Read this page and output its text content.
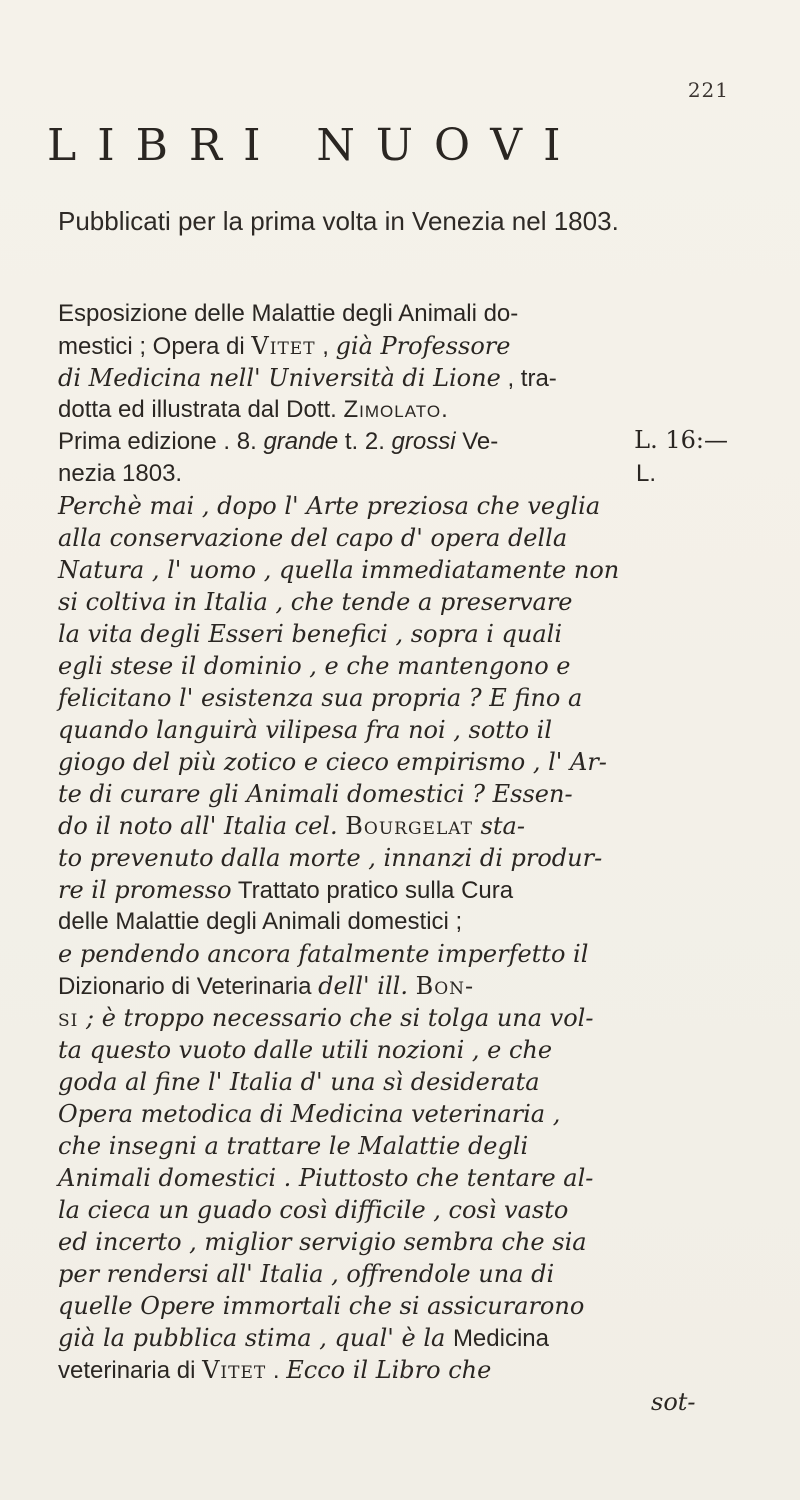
221
LIBRI NUOVI
Pubblicati per la prima volta in Venezia nel 1803.
L. 16:—
Esposizione delle Malattie degli Animali do-
mestici ; Opera di Vitet , già Professore
di Medicina nell' Università di Lione , tra-
dotta ed illustrata dal Dott. Zimolato.
Prima edizione . 8. grande t. 2. grossi Ve-
nezia 1803.	L.
Perchè mai , dopo l' Arte preziosa che veglia
alla conservazione del capo d' opera della
Natura , l' uomo , quella immediatamente non
si coltiva in Italia , che tende a preservare
la vita degli Esseri benefici , sopra i quali
egli stese il dominio , e che mantengono e
felicitano l' esistenza sua propria ? E fino a
quando languirà vilipesa fra noi , sotto il
giogo del più zotico e cieco empirismo , l' Ar-
te di curare gli Animali domestici ? Essen-
do il noto all' Italia cel. Bourgelat sta-
to prevenuto dalla morte , innanzi di produr-
re il promesso Trattato pratico sulla Cura
delle Malattie degli Animali domestici ;
e pendendo ancora fatalmente imperfetto il
Dizionario di Veterinaria dell' ill. Bon-
si ; è troppo necessario che si tolga una vol-
ta questo vuoto dalle utili nozioni , e che
goda al fine l' Italia d' una sì desiderata
Opera metodica di Medicina veterinaria ,
che insegni a trattare le Malattie degli
Animali domestici . Piuttosto che tentare al-
la cieca un guado così difficile , così vasto
ed incerto , miglior servigio sembra che sia
per rendersi all' Italia , offrendole una di
quelle Opere immortali che si assicurarono
già la pubblica stima , qual' è la Medicina
veterinaria di Vitet . Ecco il Libro che
sot-
